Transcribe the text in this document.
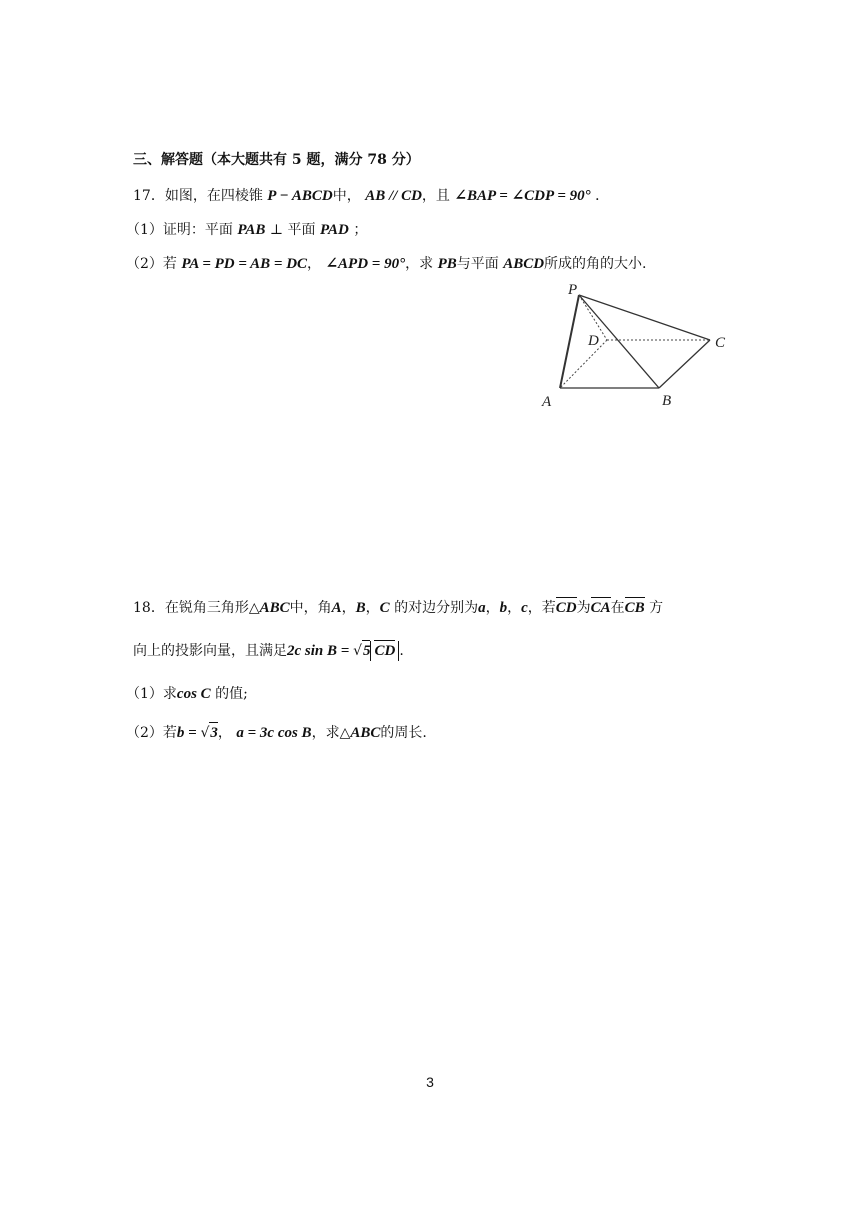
三、解答题（本大题共有 5 题，满分 78 分）
17．如图，在四棱锥 P − ABCD中， AB // CD，且 ∠BAP = ∠CDP = 90° ．
（1）证明：平面 PAB ⊥ 平面 PAD ；
（2）若 PA = PD = AB = DC， ∠APD = 90°，求 PB与平面 ABCD所成的角的大小.
P
D	C
A	B
18．在锐角三角形△ABC中，角A，B，C 的对边分别为a，b，c，若CD为CA在CB 方
向上的投影向量，且满足2c sin B = √5 CD .
（1）求cos C 的值;
（2）若b = √3， a = 3c cos B，求△ABC的周长.
3
